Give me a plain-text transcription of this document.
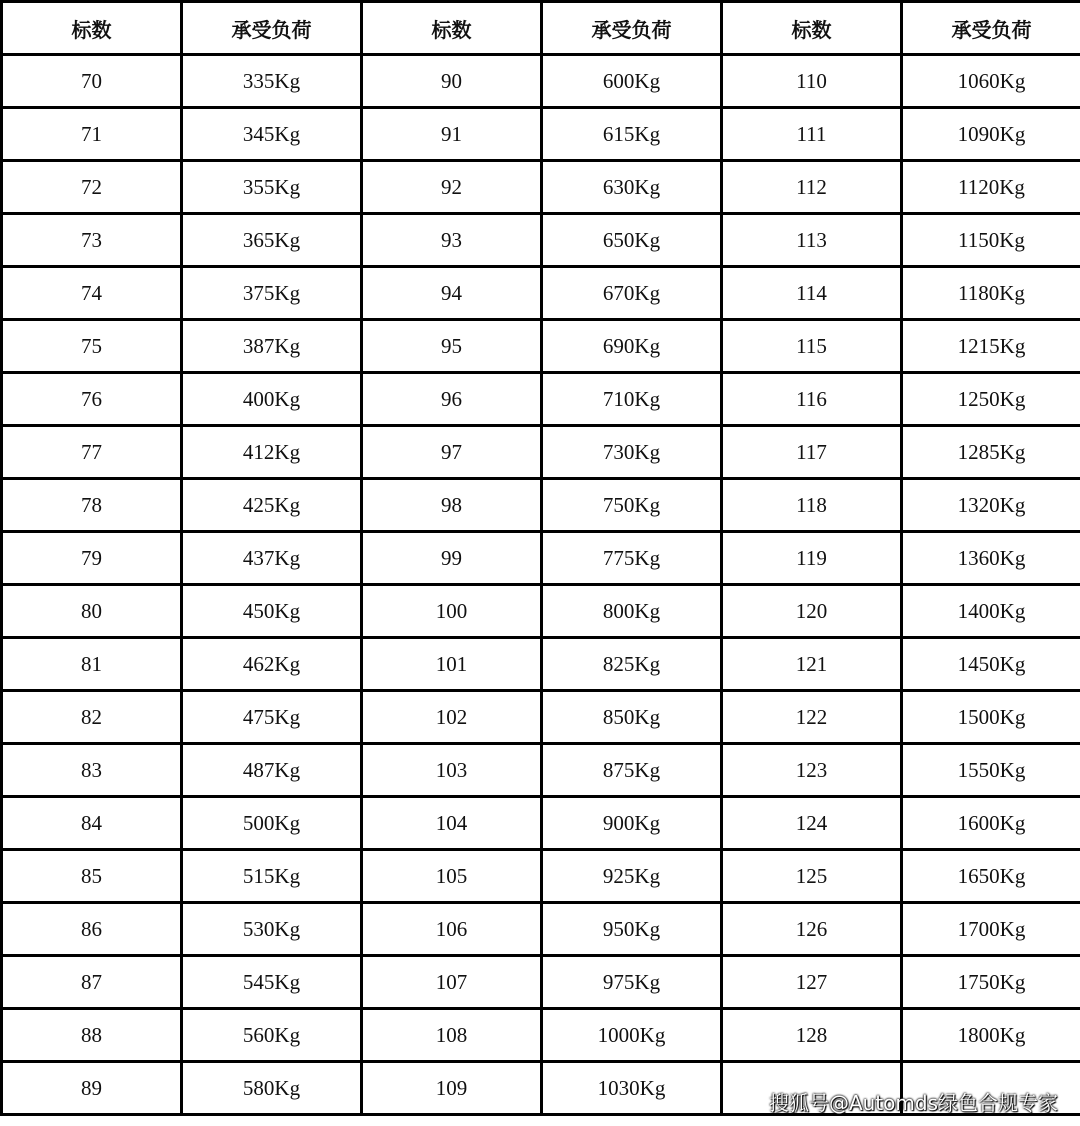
标数	承受负荷	标数	承受负荷	标数	承受负荷
70	335Kg	90	600Kg	110	1060Kg
71	345Kg	91	615Kg	111	1090Kg
72	355Kg	92	630Kg	112	1120Kg
73	365Kg	93	650Kg	113	1150Kg
74	375Kg	94	670Kg	114	1180Kg
75	387Kg	95	690Kg	115	1215Kg
76	400Kg	96	710Kg	116	1250Kg
77	412Kg	97	730Kg	117	1285Kg
78	425Kg	98	750Kg	118	1320Kg
79	437Kg	99	775Kg	119	1360Kg
80	450Kg	100	800Kg	120	1400Kg
81	462Kg	101	825Kg	121	1450Kg
82	475Kg	102	850Kg	122	1500Kg
83	487Kg	103	875Kg	123	1550Kg
84	500Kg	104	900Kg	124	1600Kg
85	515Kg	105	925Kg	125	1650Kg
86	530Kg	106	950Kg	126	1700Kg
87	545Kg	107	975Kg	127	1750Kg
88	560Kg	108	1000Kg	128	1800Kg
89	580Kg	109	1030Kg		
搜狐号@Automds绿色合规专家
